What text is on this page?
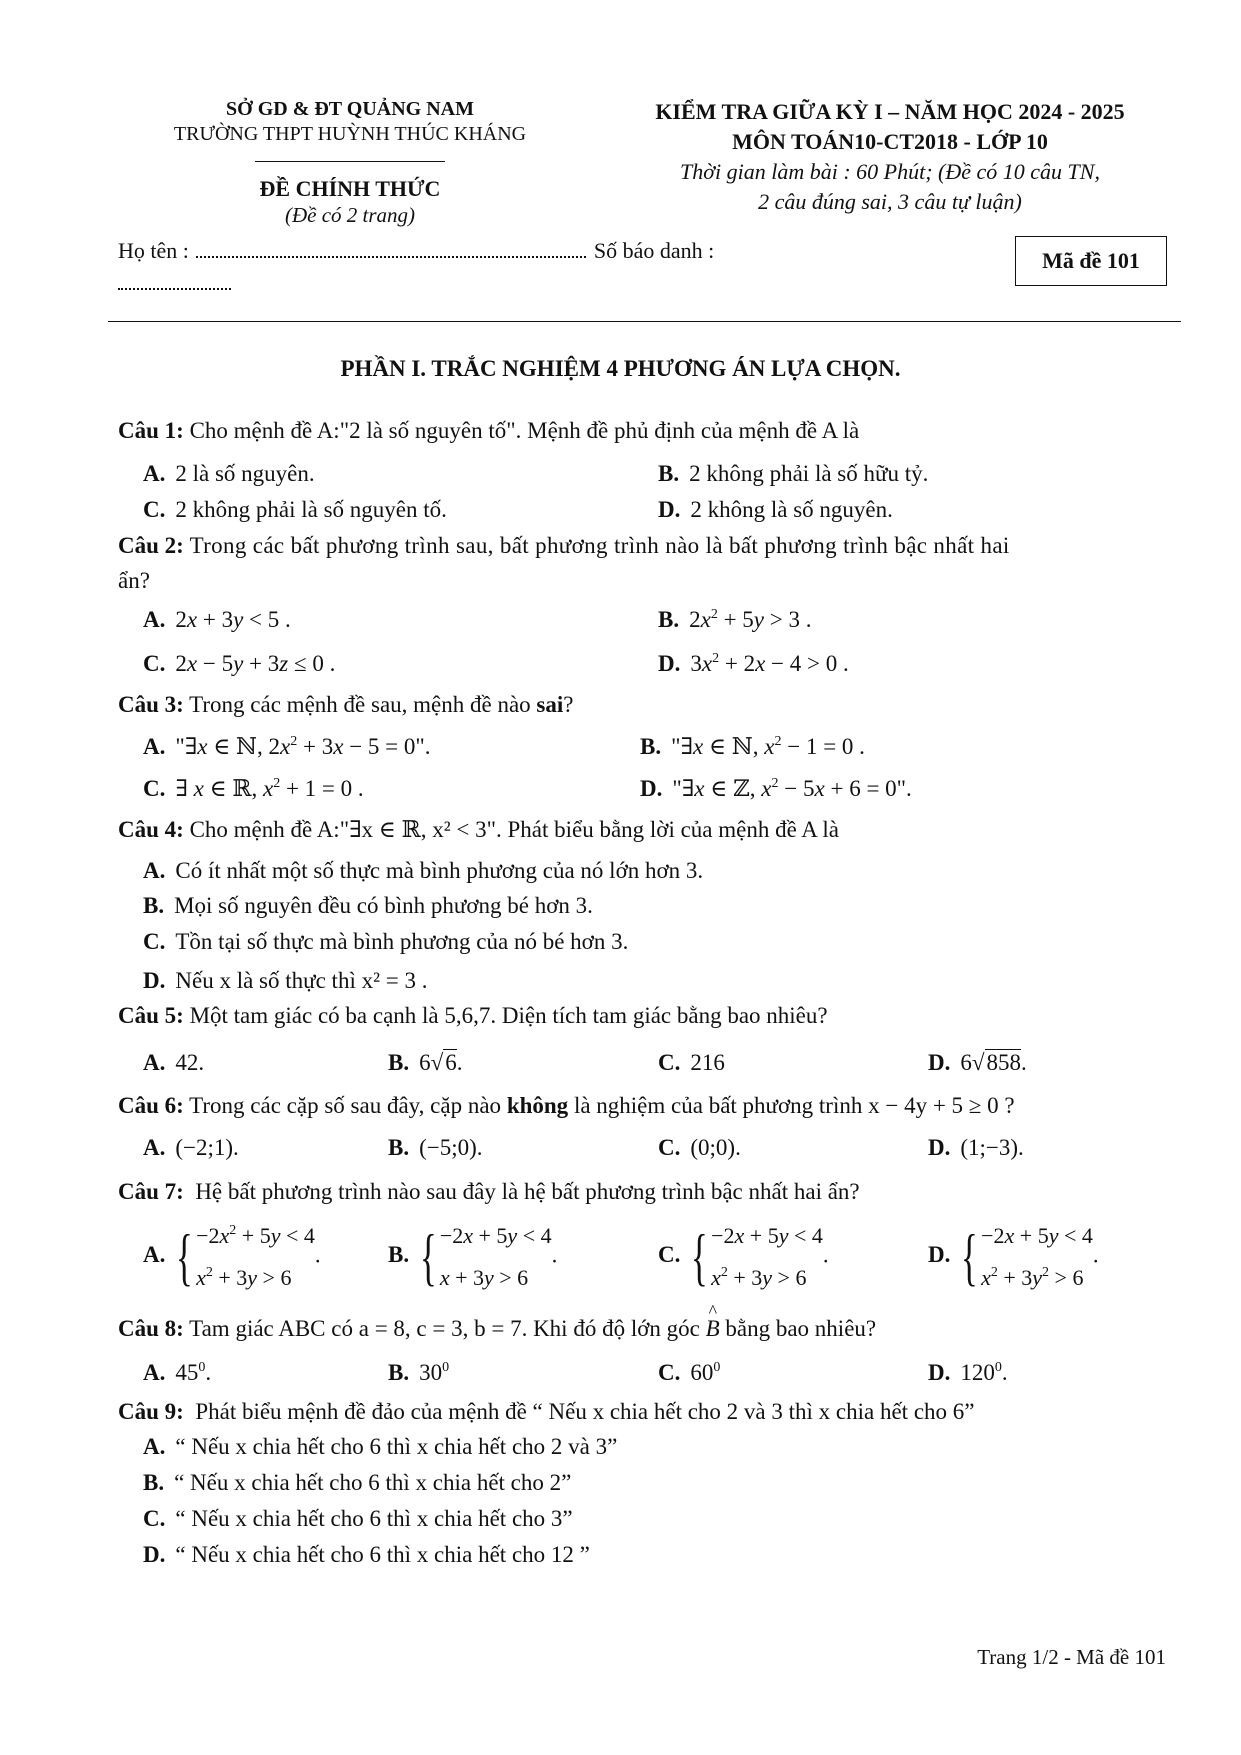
SỞ GD & ĐT QUẢNG NAM
TRƯỜNG THPT HUỲNH THÚC KHÁNG
ĐỀ CHÍNH THỨC
(Đề có 2 trang)
KIỂM TRA GIỮA KỲ I – NĂM HỌC 2024 - 2025
MÔN TOÁN10-CT2018 - LỚP 10
Thời gian làm bài : 60 Phút; (Đề có 10 câu TN,
2 câu đúng sai, 3 câu tự luận)
Họ tên :	Số báo danh :	Mã đề 101
PHẦN I. TRẮC NGHIỆM 4 PHƯƠNG ÁN LỰA CHỌN.
Câu 1: Cho mệnh đề A:"2 là số nguyên tố". Mệnh đề phủ định của mệnh đề A là
A. 2 là số nguyên.	B. 2 không phải là số hữu tỷ.
C. 2 không phải là số nguyên tố.	D. 2 không là số nguyên.
Câu 2: Trong các bất phương trình sau, bất phương trình nào là bất phương trình bậc nhất hai
ẩn?
A. 2x + 3y < 5 .	B. $2x^2 + 5y > 3$ .
C. 2x − 5y + 3z ≤ 0 .	D. $3x^2 + 2x - 4 > 0$ .
Câu 3: Trong các mệnh đề sau, mệnh đề nào sai?
A. "∃x ∈ ℕ, $2x^2 + 3x - 5 = 0$".	B. "∃x ∈ ℕ, $x^2 - 1 = 0$ .
C. ∃ x ∈ ℝ, $x^2 + 1 = 0$ .	D. "∃x ∈ ℤ, $x^2 - 5x + 6 = 0$".
Câu 4: Cho mệnh đề A:"∃x ∈ ℝ, x² < 3". Phát biểu bằng lời của mệnh đề A là
A. Có ít nhất một số thực mà bình phương của nó lớn hơn 3.
B. Mọi số nguyên đều có bình phương bé hơn 3.
C. Tồn tại số thực mà bình phương của nó bé hơn 3.
D. Nếu x là số thực thì x² = 3 .
Câu 5: Một tam giác có ba cạnh là 5,6,7. Diện tích tam giác bằng bao nhiêu?
A. 42.	B. 6√6.	C. 216	D. 6√858.
Câu 6: Trong các cặp số sau đây, cặp nào không là nghiệm của bất phương trình x − 4y + 5 ≥ 0 ?
A. (−2;1).	B. (−5;0).	C. (0;0).	D. (1;−3).
Câu 7: Hệ bất phương trình nào sau đây là hệ bất phương trình bậc nhất hai ẩn?
A. { $-2x^2 + 5y < 4$
$x^2 + 3y > 6$
.	B. { −2x + 5y < 4
x + 3y > 6
.	C. { −2x + 5y < 4
$x^2 + 3y > 6$
.	D. { −2x + 5y < 4
$x^2 + 3y^2 > 6$
.
Câu 8: Tam giác ABC có a = 8, c = 3, b = 7. Khi đó độ lớn góc ^ B bằng bao nhiêu?
A. $45^0$.	B. $30^0$	C. $60^0$	D. $120^0$.
Câu 9: Phát biểu mệnh đề đảo của mệnh đề “ Nếu x chia hết cho 2 và 3 thì x chia hết cho 6”
A. “ Nếu x chia hết cho 6 thì x chia hết cho 2 và 3”
B. “ Nếu x chia hết cho 6 thì x chia hết cho 2”
C. “ Nếu x chia hết cho 6 thì x chia hết cho 3”
D. “ Nếu x chia hết cho 6 thì x chia hết cho 12 ”
Trang 1/2 - Mã đề 101
